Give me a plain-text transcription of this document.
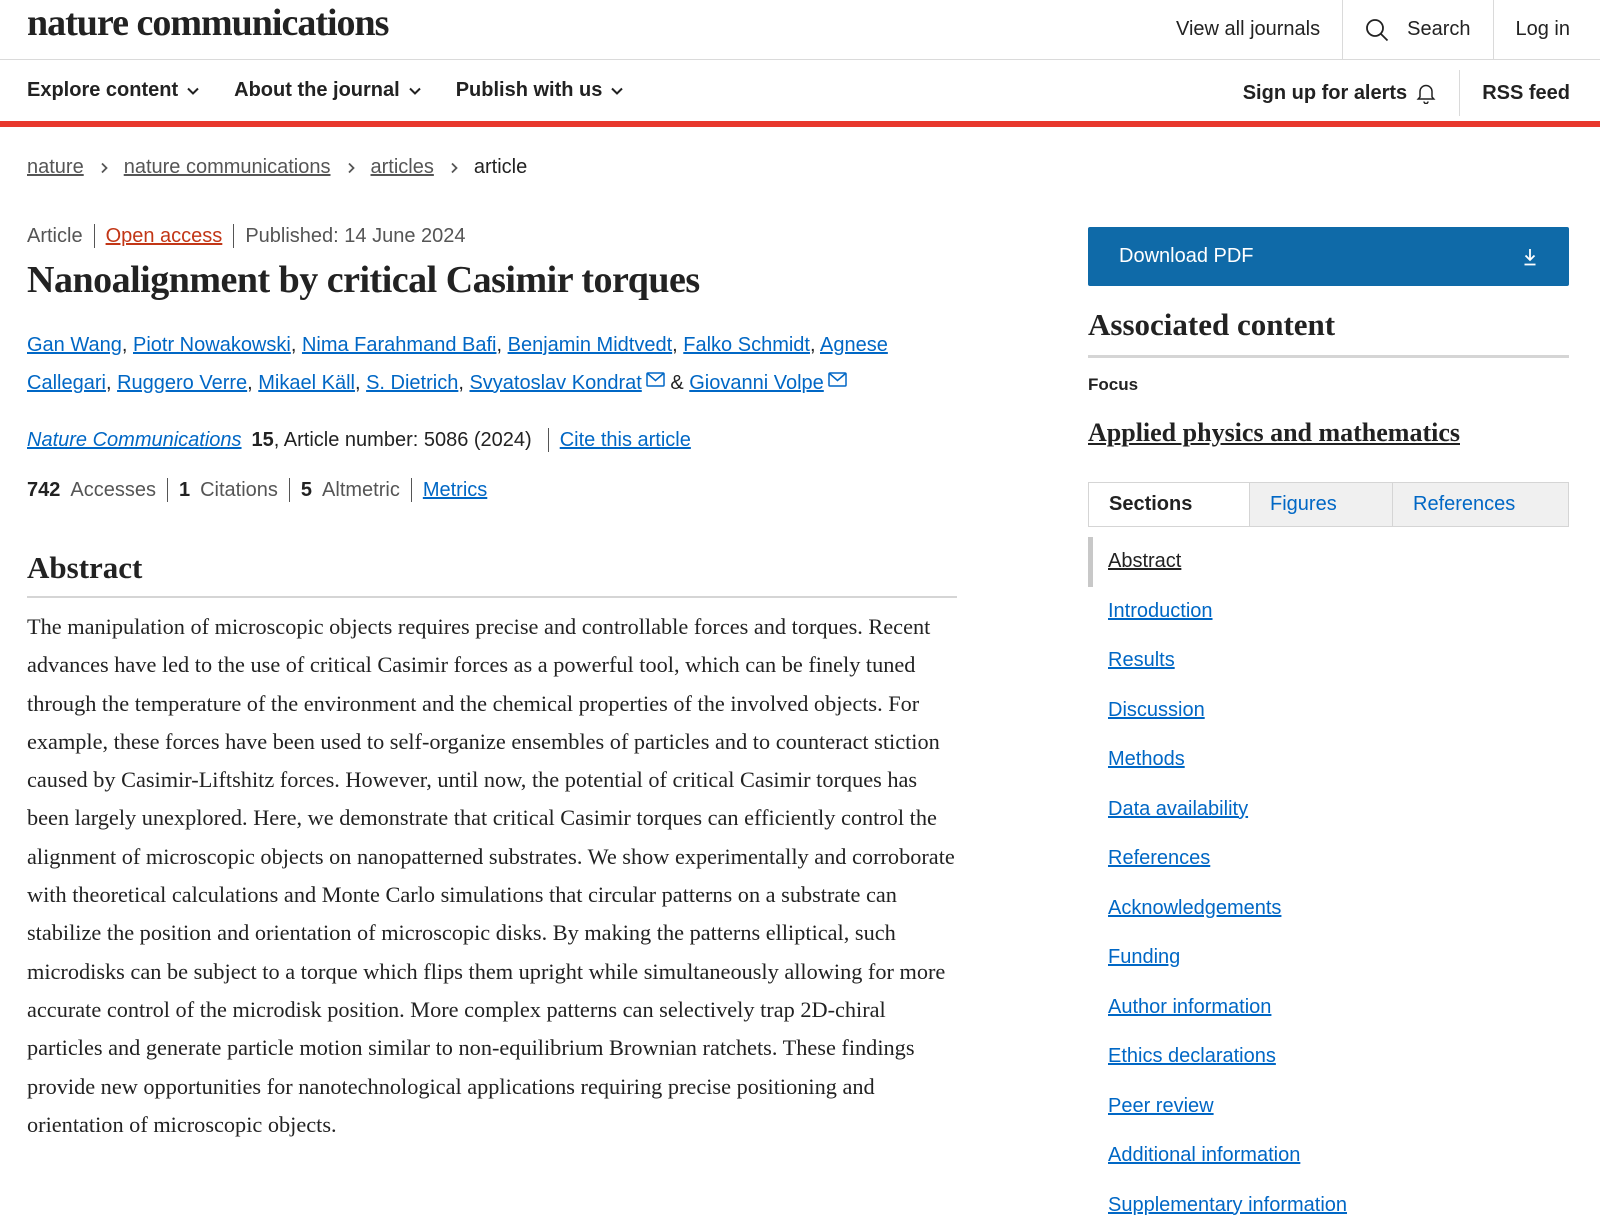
nature communications	View all journals	Search	Log in
Explore content	About the journal	Publish with us	Sign up for alerts	RSS feed
nature nature communications articles article
Article Open access Published: 14 June 2024
Nanoalignment by critical Casimir torques
Gan Wang, Piotr Nowakowski, Nima Farahmand Bafi, Benjamin Midtvedt, Falko Schmidt, Agnese Callegari, Ruggero Verre, Mikael Käll, S. Dietrich, Svyatoslav Kondrat & Giovanni Volpe
Nature Communications 15 , Article number: 5086 (2024) Cite this article
742 Accesses 1 Citations 5 Altmetric Metrics
Abstract

The manipulation of microscopic objects requires precise and controllable forces and torques. Recent advances have led to the use of critical Casimir forces as a powerful tool, which can be finely tuned through the temperature of the environment and the chemical properties of the involved objects. For example, these forces have been used to self-organize ensembles of particles and to counteract stiction caused by Casimir-Liftshitz forces. However, until now, the potential of critical Casimir torques has been largely unexplored. Here, we demonstrate that critical Casimir torques can efficiently control the alignment of microscopic objects on nanopatterned substrates. We show experimentally and corroborate with theoretical calculations and Monte Carlo simulations that circular patterns on a substrate can stabilize the position and orientation of microscopic disks. By making the patterns elliptical, such microdisks can be subject to a torque which flips them upright while simultaneously allowing for more accurate control of the microdisk position. More complex patterns can selectively trap 2D-chiral particles and generate particle motion similar to non-equilibrium Brownian ratchets. These findings provide new opportunities for nanotechnological applications requiring precise positioning and orientation of microscopic objects.

Download PDF
Associated content
Focus
Applied physics and mathematics
Sections	Figures	References
Abstract
Introduction
Results
Discussion
Methods
Data availability
References
Acknowledgements
Funding
Author information
Ethics declarations
Peer review
Additional information
Supplementary information
